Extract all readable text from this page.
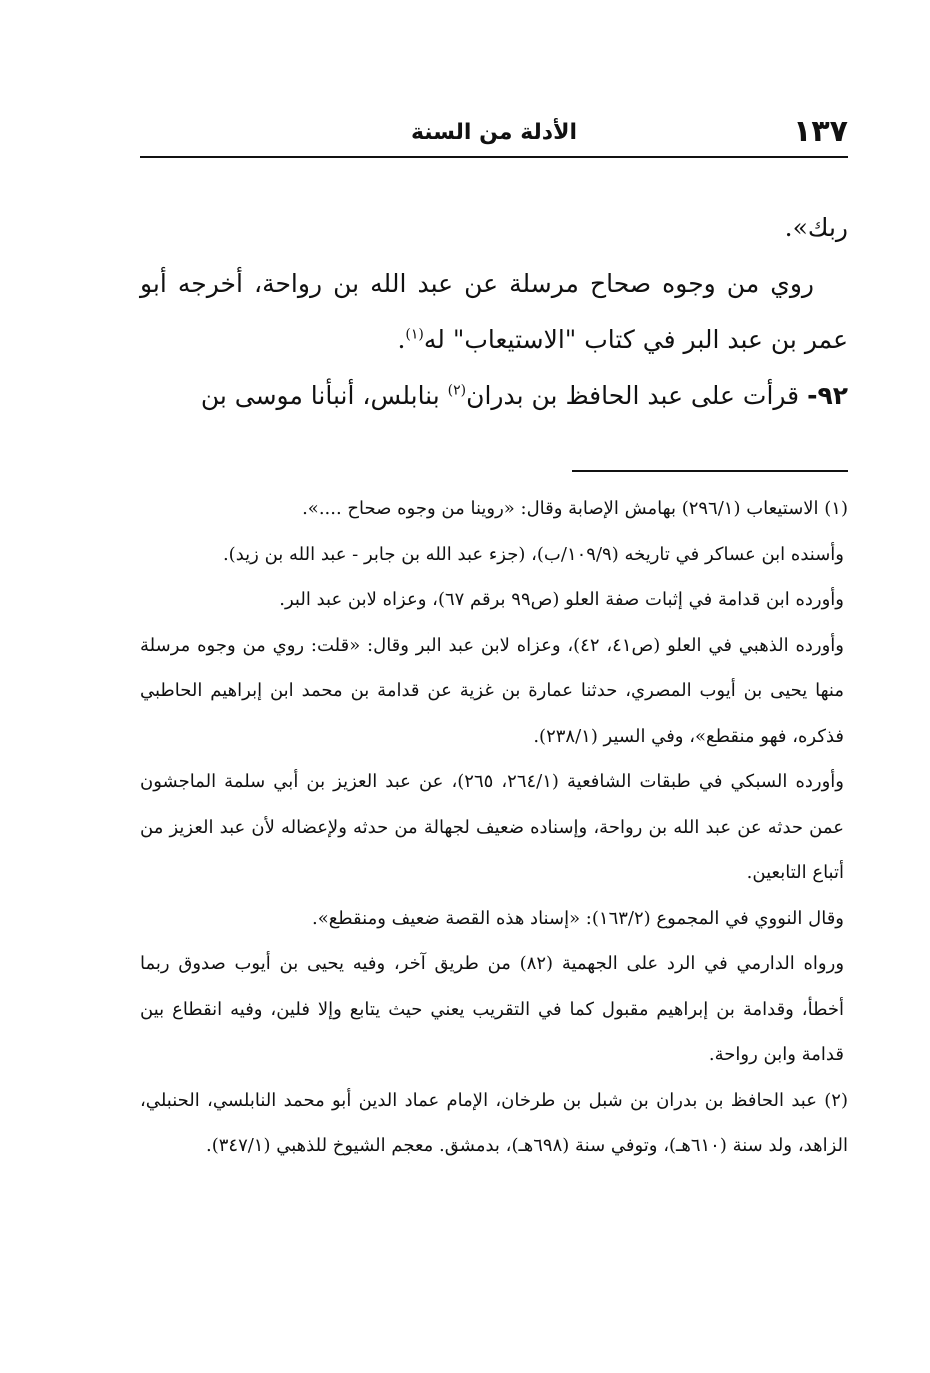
١٣٧
الأدلة من السنة

ربك».

روي من وجوه صحاح مرسلة عن عبد الله بن رواحة، أخرجه أبو عمر بن عبد البر في كتاب "الاستيعاب" له$^{(١)}$.

٩٢- قرأت على عبد الحافظ بن بدران$^{(٢)}$ بنابلس، أنبأنا موسى بن

(١) الاستيعاب (٢٩٦/١) بهامش الإصابة وقال: «روينا من وجوه صحاح ....».

وأسنده ابن عساكر في تاريخه (١٠٩/٩/ب)، (جزء عبد الله بن جابر - عبد الله بن زيد).

وأورده ابن قدامة في إثبات صفة العلو (ص٩٩ برقم ٦٧)، وعزاه لابن عبد البر.

وأورده الذهبي في العلو (ص٤١، ٤٢)، وعزاه لابن عبد البر وقال: «قلت: روي من وجوه مرسلة منها يحيى بن أيوب المصري، حدثنا عمارة بن غزية عن قدامة بن محمد ابن إبراهيم الحاطبي فذكره، فهو منقطع»، وفي السير (٢٣٨/١).

وأورده السبكي في طبقات الشافعية (٢٦٤/١، ٢٦٥)، عن عبد العزيز بن أبي سلمة الماجشون عمن حدثه عن عبد الله بن رواحة، وإسناده ضعيف لجهالة من حدثه ولإعضاله لأن عبد العزيز من أتباع التابعين.

وقال النووي في المجموع (١٦٣/٢): «إسناد هذه القصة ضعيف ومنقطع».

ورواه الدارمي في الرد على الجهمية (٨٢) من طريق آخر، وفيه يحيى بن أيوب صدوق ربما أخطأ، وقدامة بن إبراهيم مقبول كما في التقريب يعني حيث يتابع وإلا فلين، وفيه انقطاع بين قدامة وابن رواحة.

(٢) عبد الحافظ بن بدران بن شبل بن طرخان، الإمام عماد الدين أبو محمد النابلسي، الحنبلي، الزاهد، ولد سنة (٦١٠هـ)، وتوفي سنة (٦٩٨هـ)، بدمشق. معجم الشيوخ للذهبي (٣٤٧/١).
